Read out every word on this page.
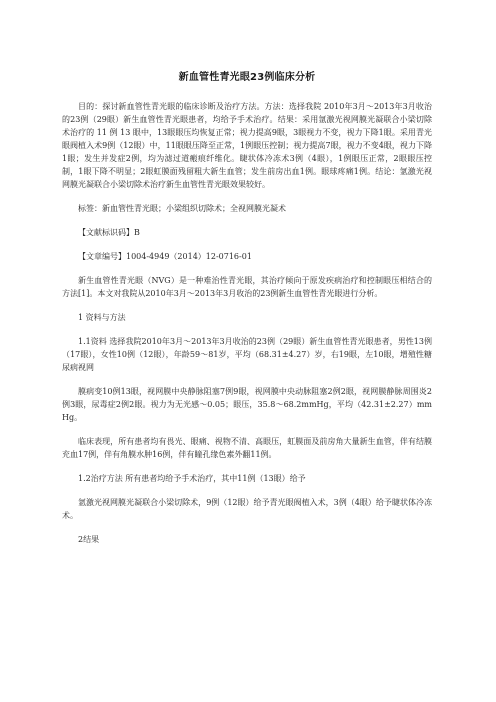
新血管性青光眼23例临床分析

目的：探讨新血管性青光眼的临床诊断及治疗方法。方法：选择我院 2010年3月～2013年3月收治的23例（29眼）新生血管性青光眼患者，均给予手术治疗。结果：采用氩激光视网膜光凝联合小梁切除术治疗的 11 例 13 眼中，13眼眼压均恢复正常；视力提高9眼，3眼视力不变，视力下降1眼。采用青光眼阀植入术9例（12眼）中，11眼眼压降至正常，1例眼压控制；视力提高7眼，视力不变4眼，视力下降1眼；发生并发症2例，均为滤过道瘢痕纤维化。睫状体冷冻术3例（4眼），1例眼压正常，2眼眼压控制，1眼下降不明显；2眼虹膜面残留粗大新生血管；发生前房出血1例。眼球疼痛1例。结论：氩激光视网膜光凝联合小梁切除术治疗新生血管性青光眼效果较好。

标签：新血管性青光眼；小梁组织切除术；全视网膜光凝术

【文献标识码】B

【文章编号】1004-4949（2014）12-0716-01

新生血管性青光眼（NVG）是一种难治性青光眼，其治疗倾向于原发疾病治疗和控制眼压相结合的方法[1]。本文对我院从2010年3月～2013年3月收治的23例新生血管性青光眼进行分析。

1 资料与方法

1.1资料 选择我院2010年3月～2013年3月收治的23例（29眼）新生血管性青光眼患者，男性13例（17眼），女性10例（12眼），年龄59～81岁，平均（68.31±4.27）岁，右19眼，左10眼，增殖性糖尿病视网

膜病变10例13眼，视网膜中央静脉阻塞7例9眼，视网膜中央动脉阻塞2例2眼，视网膜静脉周围炎2例3眼，尿毒症2例2眼。视力为无光感～0.05；眼压，35.8～68.2mmHg，平均（42.31±2.27）mmHg。

临床表现，所有患者均有畏光、眼痛、视物不清、高眼压，虹膜面及前房角大量新生血管，伴有结膜充血17例，伴有角膜水肿16例，伴有瞳孔缘色素外翻11例。

1.2治疗方法 所有患者均给予手术治疗，其中11例（13眼）给予

氩激光视网膜光凝联合小梁切除术，9例（12眼）给予青光眼阀植入术，3例（4眼）给予睫状体冷冻术。

2结果
